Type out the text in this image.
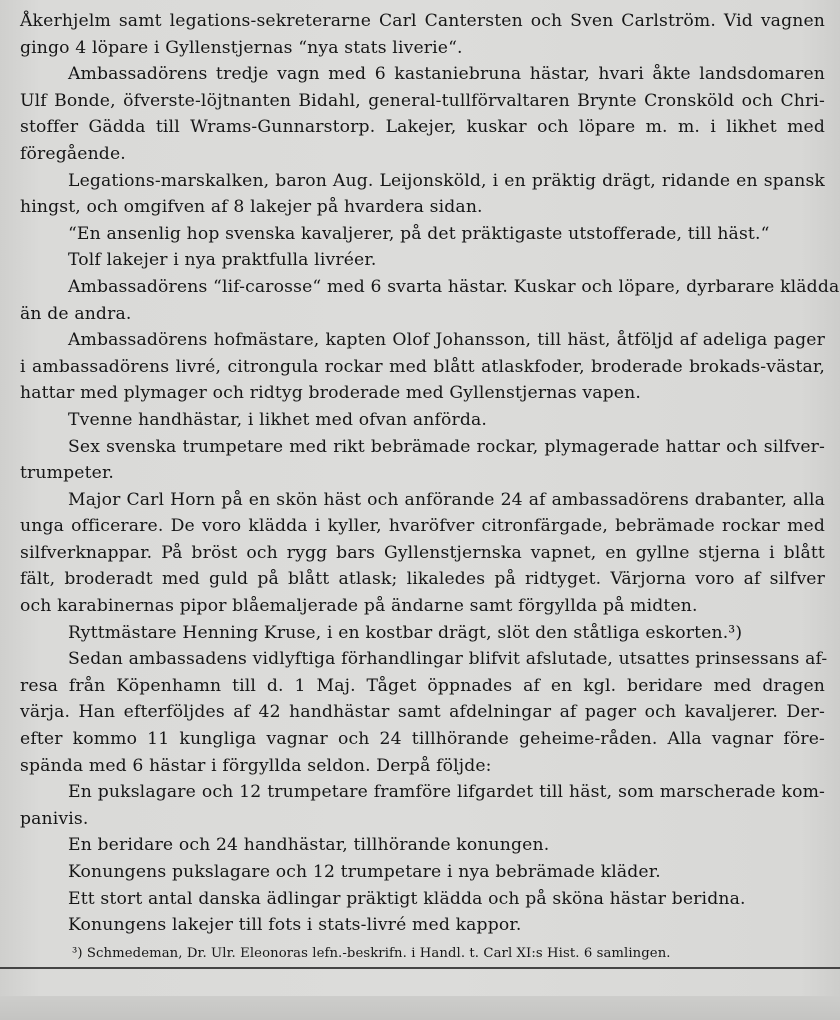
Åkerhjelm samt legations-sekreterarne Carl Cantersten och Sven Carlström. Vid vagnen
gingo 4 löpare i Gyllenstjernas “nya stats liverie“.
Ambassadörens tredje vagn med 6 kastaniebruna hästar, hvari åkte landsdomaren
Ulf Bonde, öfverste-löjtnanten Bidahl, general-tullförvaltaren Brynte Cronsköld och Chri-
stoffer Gädda till Wrams-Gunnarstorp. Lakejer, kuskar och löpare m. m. i likhet med
föregående.
Legations-marskalken, baron Aug. Leijonsköld, i en präktig drägt, ridande en spansk
hingst, och omgifven af 8 lakejer på hvardera sidan.
“En ansenlig hop svenska kavaljerer, på det präktigaste utstofferade, till häst.“
Tolf lakejer i nya praktfulla livréer.
Ambassadörens “lif-carosse“ med 6 svarta hästar. Kuskar och löpare, dyrbarare klädda
än de andra.
Ambassadörens hofmästare, kapten Olof Johansson, till häst, åtföljd af adeliga pager
i ambassadörens livré, citrongula rockar med blått atlaskfoder, broderade brokads-västar,
hattar med plymager och ridtyg broderade med Gyllenstjernas vapen.
Tvenne handhästar, i likhet med ofvan anförda.
Sex svenska trumpetare med rikt bebrämade rockar, plymagerade hattar och silfver-
trumpeter.
Major Carl Horn på en skön häst och anförande 24 af ambassadörens drabanter, alla
unga officerare. De voro klädda i kyller, hvaröfver citronfärgade, bebrämade rockar med
silfverknappar. På bröst och rygg bars Gyllenstjernska vapnet, en gyllne stjerna i blått
fält, broderadt med guld på blått atlask; likaledes på ridtyget. Värjorna voro af silfver
och karabinernas pipor blåemaljerade på ändarne samt förgyllda på midten.
Ryttmästare Henning Kruse, i en kostbar drägt, slöt den ståtliga eskorten.³)
Sedan ambassadens vidlyftiga förhandlingar blifvit afslutade, utsattes prinsessans af-
resa från Köpenhamn till d. 1 Maj. Tåget öppnades af en kgl. beridare med dragen
värja. Han efterföljdes af 42 handhästar samt afdelningar af pager och kavaljerer. Der-
efter kommo 11 kungliga vagnar och 24 tillhörande geheime-råden. Alla vagnar före-
spända med 6 hästar i förgyllda seldon. Derpå följde:
En pukslagare och 12 trumpetare framföre lifgardet till häst, som marscherade kom-
panivis.
En beridare och 24 handhästar, tillhörande konungen.
Konungens pukslagare och 12 trumpetare i nya bebrämade kläder.
Ett stort antal danska ädlingar präktigt klädda och på sköna hästar beridna.
Konungens lakejer till fots i stats-livré med kappor.
³) Schmedeman, Dr. Ulr. Eleonoras lefn.-beskrifn. i Handl. t. Carl XI:s Hist. 6 samlingen.
